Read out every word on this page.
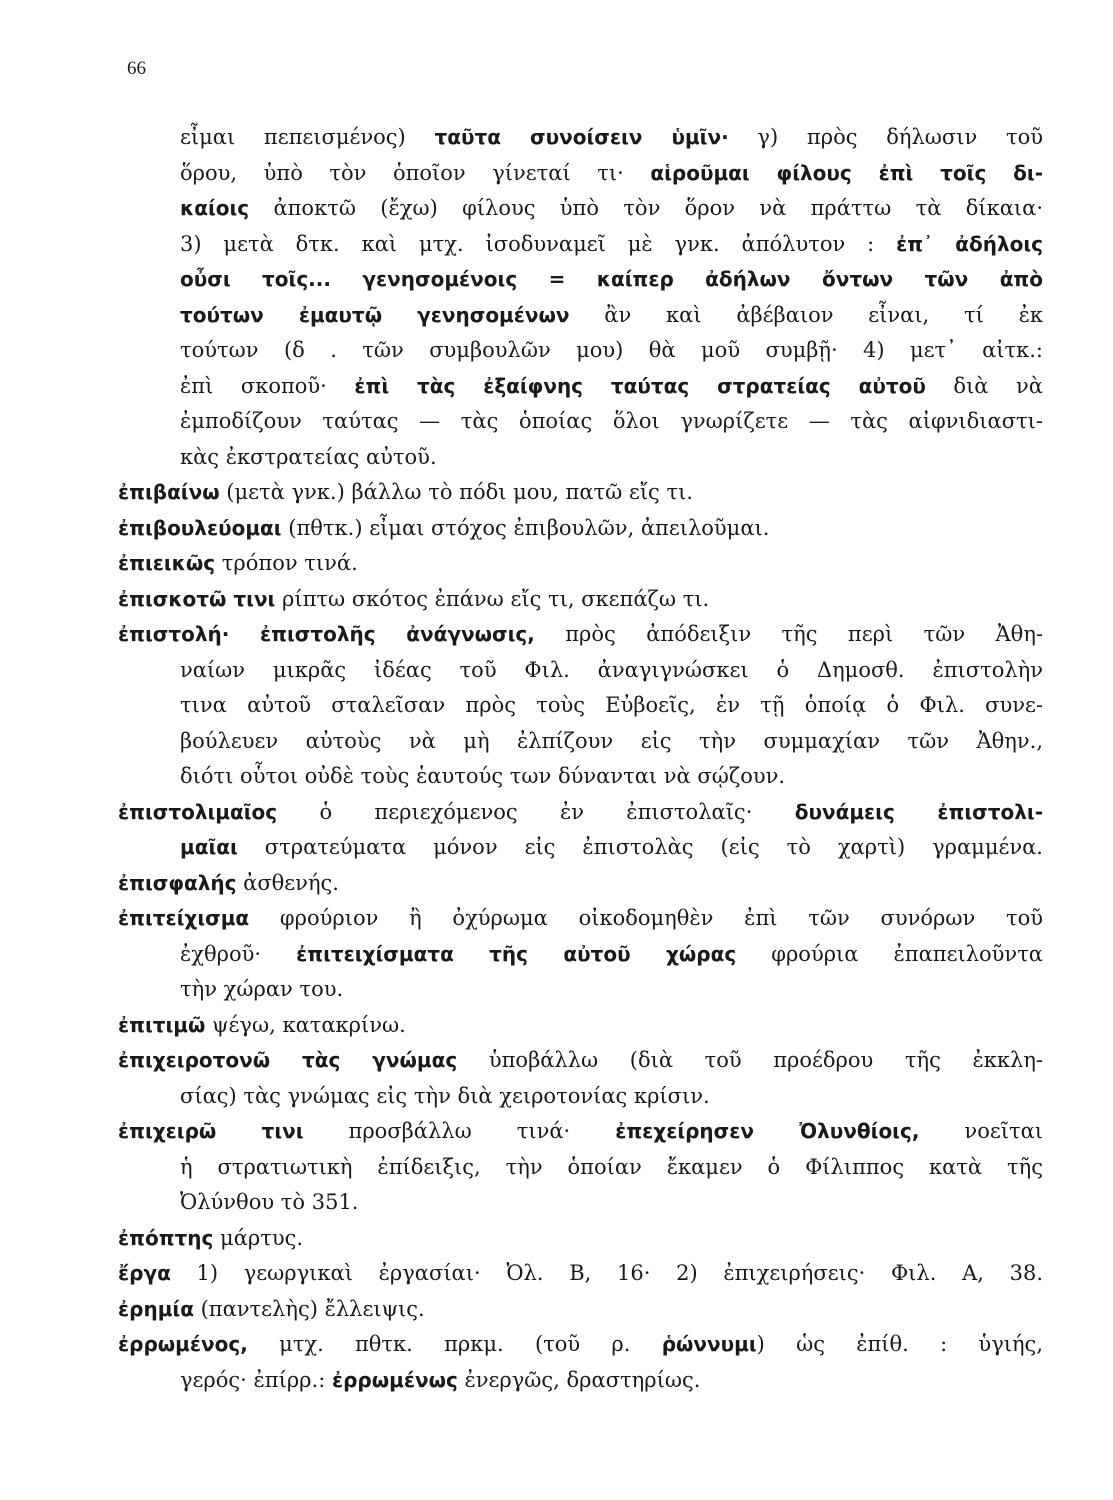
66
εἶμαι πεπεισμένος) ταῦτα συνοίσειν ὑμῖν· γ) πρὸς δήλωσιν τοῦ
ὅρου, ὑπὸ τὸν ὁποῖον γίνεταί τι· αἱροῦμαι φίλους ἐπὶ τοῖς δι-
καίοις ἀποκτῶ (ἔχω) φίλους ὑπὸ τὸν ὅρον νὰ πράττω τὰ δίκαια·
3) μετὰ δτκ. καὶ μτχ. ἰσοδυναμεῖ μὲ γνκ. ἀπόλυτον : ἐπ᾽ ἀδήλοις
οὖσι τοῖς... γενησομένοις = καίπερ ἀδήλων ὄντων τῶν ἀπὸ
τούτων ἐμαυτῷ γενησομένων ἂν καὶ ἀβέβαιον εἶναι, τί ἐκ
τούτων (δ . τῶν συμβουλῶν μου) θὰ μοῦ συμβῇ· 4) μετ᾽ αἰτκ.:
ἐπὶ σκοποῦ· ἐπὶ τὰς ἐξαίφνης ταύτας στρατείας αὐτοῦ διὰ νὰ
ἐμποδίζουν ταύτας — τὰς ὁποίας ὅλοι γνωρίζετε — τὰς αἰφνιδιαστι-
κὰς ἐκστρατείας αὐτοῦ.
ἐπιβαίνω (μετὰ γνκ.) βάλλω τὸ πόδι μου, πατῶ εἴς τι.
ἐπιβουλεύομαι (πθτκ.) εἶμαι στόχος ἐπιβουλῶν, ἀπειλοῦμαι.
ἐπιεικῶς τρόπον τινά.
ἐπισκοτῶ τινι ρίπτω σκότος ἐπάνω εἴς τι, σκεπάζω τι.
ἐπιστολή· ἐπιστολῆς ἀνάγνωσις, πρὸς ἀπόδειξιν τῆς περὶ τῶν Ἀθη-
ναίων μικρᾶς ἰδέας τοῦ Φιλ. ἀναγιγνώσκει ὁ Δημοσθ. ἐπιστολὴν
τινα αὐτοῦ σταλεῖσαν πρὸς τοὺς Εὐβοεῖς, ἐν τῇ ὁποίᾳ ὁ Φιλ. συνε-
βούλευεν αὐτοὺς νὰ μὴ ἐλπίζουν εἰς τὴν συμμαχίαν τῶν Ἀθην.,
διότι οὗτοι οὐδὲ τοὺς ἑαυτούς των δύνανται νὰ σῴζουν.
ἐπιστολιμαῖος ὁ περιεχόμενος ἐν ἐπιστολαῖς· δυνάμεις ἐπιστολι-
μαῖαι στρατεύματα μόνον εἰς ἐπιστολὰς (εἰς τὸ χαρτὶ) γραμμένα.
ἐπισφαλής ἀσθενής.
ἐπιτείχισμα φρούριον ἢ ὀχύρωμα οἰκοδομηθὲν ἐπὶ τῶν συνόρων τοῦ
ἐχθροῦ· ἐπιτειχίσματα τῆς αὐτοῦ χώρας φρούρια ἐπαπειλοῦντα
τὴν χώραν του.
ἐπιτιμῶ ψέγω, κατακρίνω.
ἐπιχειροτονῶ τὰς γνώμας ὑποβάλλω (διὰ τοῦ προέδρου τῆς ἐκκλη-
σίας) τὰς γνώμας εἰς τὴν διὰ χειροτονίας κρίσιν.
ἐπιχειρῶ τινι προσβάλλω τινά· ἐπεχείρησεν Ὀλυνθίοις, νοεῖται
ἡ στρατιωτικὴ ἐπίδειξις, τὴν ὁποίαν ἔκαμεν ὁ Φίλιππος κατὰ τῆς
Ὀλύνθου τὸ 351.
ἐπόπτης μάρτυς.
ἔργα 1) γεωργικαὶ ἐργασίαι· Ὀλ. Β, 16· 2) ἐπιχειρήσεις· Φιλ. Α, 38.
ἐρημία (παντελὴς) ἔλλειψις.
ἐρρωμένος, μτχ. πθτκ. πρκμ. (τοῦ ρ. ῥώννυμι) ὡς ἐπίθ. : ὑγιής,
γερός· ἐπίρρ.: ἐρρωμένως ἐνεργῶς, δραστηρίως.
